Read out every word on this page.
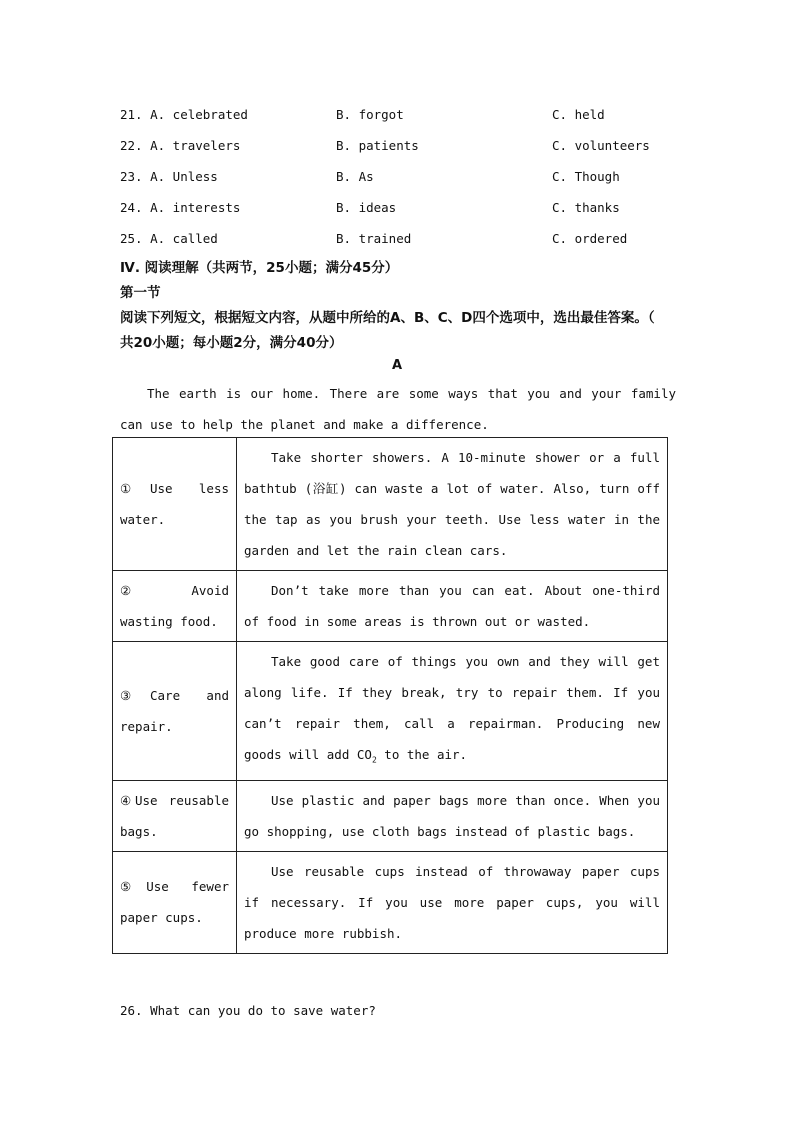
21. A. celebrated	B. forgot	C. held
22. A. travelers	B. patients	C. volunteers
23. A. Unless	B. As	C. Though
24. A. interests	B. ideas	C. thanks
25. A. called	B. trained	C. ordered
Ⅳ. 阅读理解（共两节，25小题；满分45分）
第一节
阅读下列短文，根据短文内容，从题中所给的A、B、C、D四个选项中，选出最佳答案。（
共20小题；每小题2分，满分40分）
A
The earth is our home. There are some ways that you and your family can use to help the planet and make a difference.
①Use less water.	Take shorter showers. A 10-minute shower or a full bathtub (浴缸) can waste a lot of water. Also, turn off the tap as you brush your teeth. Use less water in the garden and let the rain clean cars.
②Avoid wasting food.	Don’t take more than you can eat. About one-third of food in some areas is thrown out or wasted.
③Care and repair.	Take good care of things you own and they will get along life. If they break, try to repair them. If you can’t repair them, call a repairman. Producing new goods will add $CO_2$ to the air.
④Use reusable bags.	Use plastic and paper bags more than once. When you go shopping, use cloth bags instead of plastic bags.
⑤Use fewer paper cups.	Use reusable cups instead of throwaway paper cups if necessary. If you use more paper cups, you will produce more rubbish.
26. What can you do to save water?
